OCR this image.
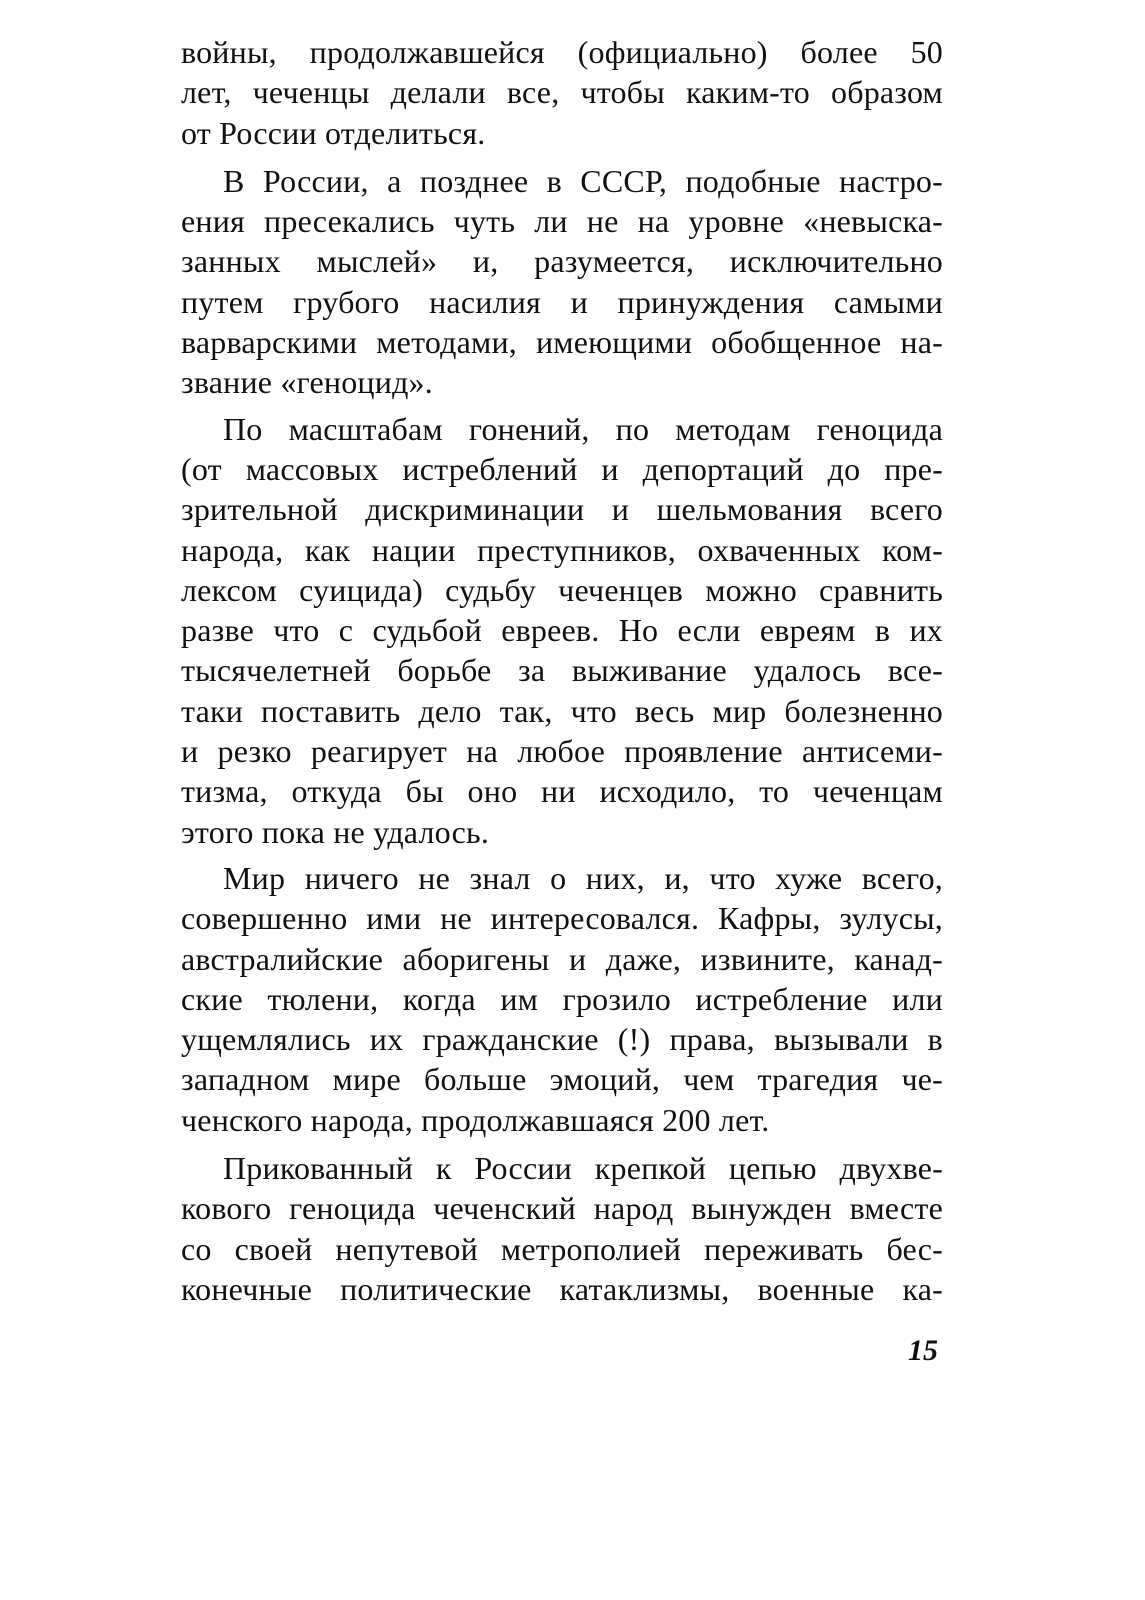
войны, продолжавшейся (официально) более 50
лет, чеченцы делали все, чтобы каким-то образом
от России отделиться.
В России, а позднее в СССР, подобные настро-
ения пресекались чуть ли не на уровне «невыска-
занных мыслей» и, разумеется, исключительно
путем грубого насилия и принуждения самыми
варварскими методами, имеющими обобщенное на-
звание «геноцид».
По масштабам гонений, по методам геноцида
(от массовых истреблений и депортаций до пре-
зрительной дискриминации и шельмования всего
народа, как нации преступников, охваченных ком-
лексом суицида) судьбу чеченцев можно сравнить
разве что с судьбой евреев. Но если евреям в их
тысячелетней борьбе за выживание удалось все-
таки поставить дело так, что весь мир болезненно
и резко реагирует на любое проявление антисеми-
тизма, откуда бы оно ни исходило, то чеченцам
этого пока не удалось.
Мир ничего не знал о них, и, что хуже всего,
совершенно ими не интересовался. Кафры, зулусы,
австралийские аборигены и даже, извините, канад-
ские тюлени, когда им грозило истребление или
ущемлялись их гражданские (!) права, вызывали в
западном мире больше эмоций, чем трагедия че-
ченского народа, продолжавшаяся 200 лет.
Прикованный к России крепкой цепью двухве-
кового геноцида чеченский народ вынужден вместе
со своей непутевой метрополией переживать бес-
конечные политические катаклизмы, военные ка-
15
